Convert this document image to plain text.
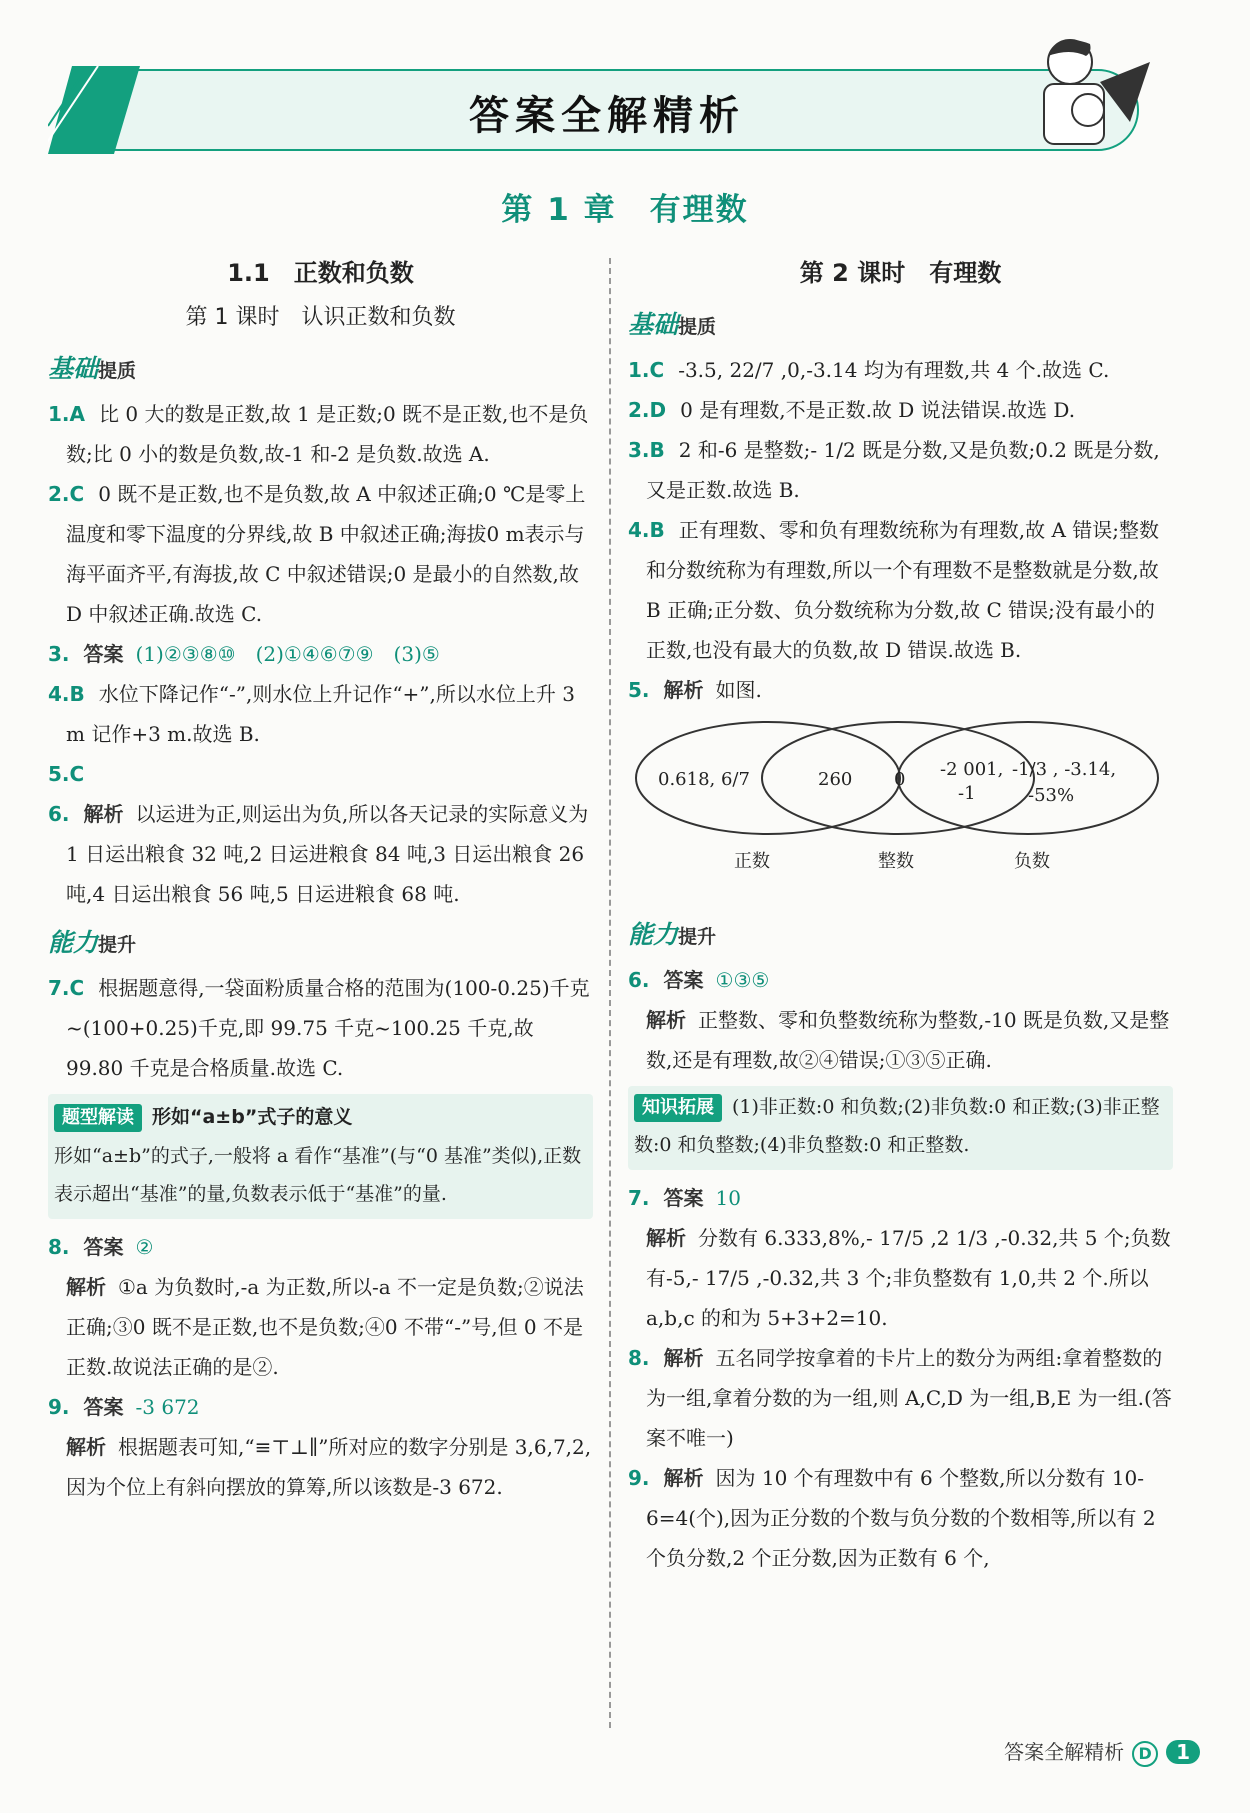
答案全解精析
第 1 章　有理数
1.1　正数和负数
第 1 课时　认识正数和负数
基础提质

1.A 比 0 大的数是正数,故 1 是正数;0 既不是正数,也不是负数;比 0 小的数是负数,故-1 和-2 是负数.故选 A.

2.C 0 既不是正数,也不是负数,故 A 中叙述正确;0 ℃是零上温度和零下温度的分界线,故 B 中叙述正确;海拔0 m表示与海平面齐平,有海拔,故 C 中叙述错误;0 是最小的自然数,故 D 中叙述正确.故选 C.

3. 答案 (1)②③⑧⑩　(2)①④⑥⑦⑨　(3)⑤

4.B 水位下降记作“-”,则水位上升记作“+”,所以水位上升 3 m 记作+3 m.故选 B.

5.C

6. 解析 以运进为正,则运出为负,所以各天记录的实际意义为 1 日运出粮食 32 吨,2 日运进粮食 84 吨,3 日运出粮食 26 吨,4 日运出粮食 56 吨,5 日运进粮食 68 吨.

能力提升

7.C 根据题意得,一袋面粉质量合格的范围为(100-0.25)千克~(100+0.25)千克,即 99.75 千克~100.25 千克,故 99.80 千克是合格质量.故选 C.

题型解读 形如“a±b”式子的意义

形如“a±b”的式子,一般将 a 看作“基准”(与“0 基准”类似),正数表示超出“基准”的量,负数表示低于“基准”的量.

8. 答案 ②

解析 ①a 为负数时,-a 为正数,所以-a 不一定是负数;②说法正确;③0 既不是正数,也不是负数;④0 不带“-”号,但 0 不是正数.故说法正确的是②.

9. 答案 -3 672

解析 根据题表可知,“≡⊤⊥∥”所对应的数字分别是 3,6,7,2,因为个位上有斜向摆放的算筹,所以该数是-3 672.

第 2 课时　有理数
基础提质

1.C -3.5, 22/7 ,0,-3.14 均为有理数,共 4 个.故选 C.

2.D 0 是有理数,不是正数.故 D 说法错误.故选 D.

3.B 2 和-6 是整数;- 1/2 既是分数,又是负数;0.2 既是分数,又是正数.故选 B.

4.B 正有理数、零和负有理数统称为有理数,故 A 错误;整数和分数统称为有理数,所以一个有理数不是整数就是分数,故 B 正确;正分数、负分数统称为分数,故 C 错误;没有最小的正数,也没有最大的负数,故 D 错误.故选 B.

5. 解析 如图.

0.618, 6/7	260 0 -2 001,
-1
-1/3 , -3.14,
-53%
正数	整数	负数
能力提升

6. 答案 ①③⑤

解析 正整数、零和负整数统称为整数,-10 既是负数,又是整数,还是有理数,故②④错误;①③⑤正确.

知识拓展 (1)非正数:0 和负数;(2)非负数:0 和正数;(3)非正整数:0 和负整数;(4)非负整数:0 和正整数.

7. 答案 10

解析 分数有 6.333,8%,- 17/5 ,2 1/3 ,-0.32,共 5 个;负数有-5,- 17/5 ,-0.32,共 3 个;非负整数有 1,0,共 2 个.所以 a,b,c 的和为 5+3+2=10.

8. 解析 五名同学按拿着的卡片上的数分为两组:拿着整数的为一组,拿着分数的为一组,则 A,C,D 为一组,B,E 为一组.(答案不唯一)

9. 解析 因为 10 个有理数中有 6 个整数,所以分数有 10-6=4(个),因为正分数的个数与负分数的个数相等,所以有 2 个负分数,2 个正分数,因为正数有 6 个,

答案全解精析 D 1
